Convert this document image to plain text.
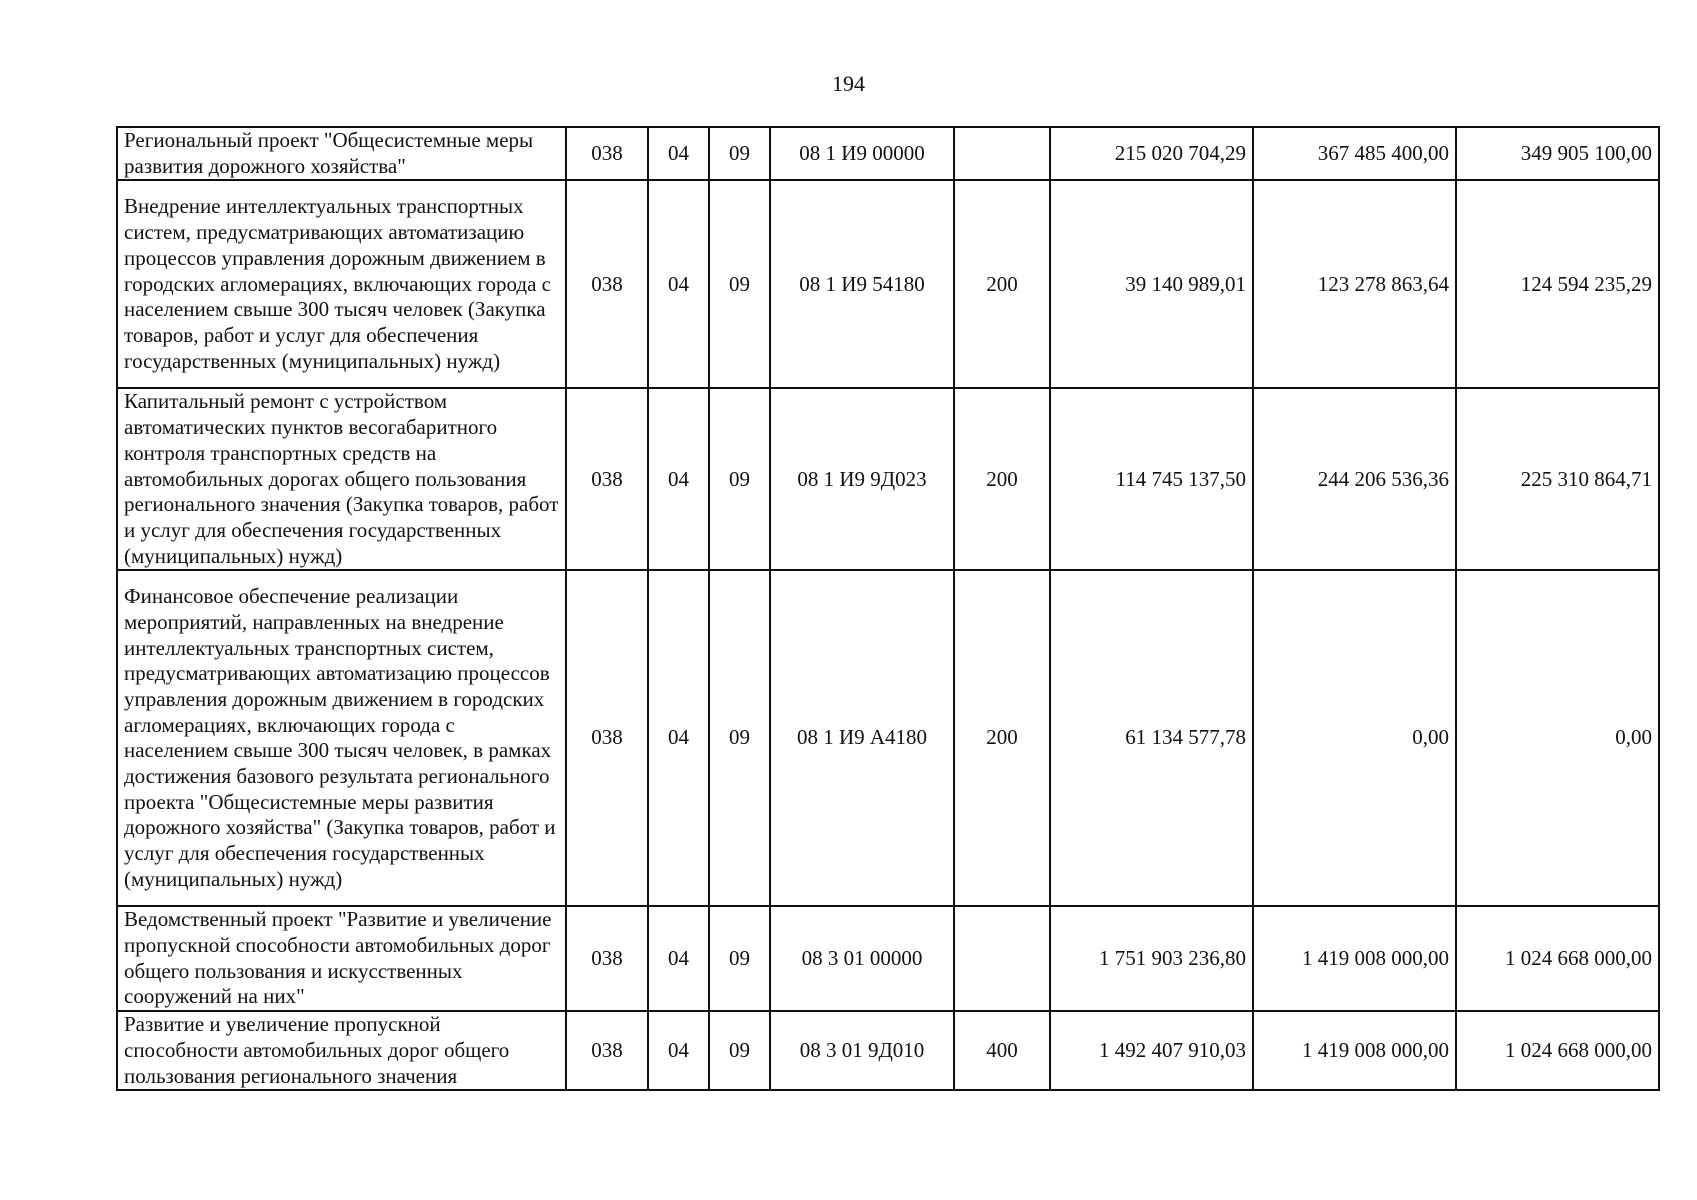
194
Региональный проект "Общесистемные меры развития дорожного хозяйства"	038	04	09	08 1 И9 00000		215 020 704,29	367 485 400,00	349 905 100,00
Внедрение интеллектуальных транспортных систем, предусматривающих автоматизацию процессов управления дорожным движением в городских агломерациях, включающих города с населением свыше 300 тысяч человек (Закупка товаров, работ и услуг для обеспечения государственных (муниципальных) нужд)	038	04	09	08 1 И9 54180	200	39 140 989,01	123 278 863,64	124 594 235,29
Капитальный ремонт с устройством автоматических пунктов весогабаритного контроля транспортных средств на автомобильных дорогах общего пользования регионального значения (Закупка товаров, работ и услуг для обеспечения государственных (муниципальных) нужд)	038	04	09	08 1 И9 9Д023	200	114 745 137,50	244 206 536,36	225 310 864,71
Финансовое обеспечение реализации мероприятий, направленных на внедрение интеллектуальных транспортных систем, предусматривающих автоматизацию процессов управления дорожным движением в городских агломерациях, включающих города с населением свыше 300 тысяч человек, в рамках достижения базового результата регионального проекта "Общесистемные меры развития дорожного хозяйства" (Закупка товаров, работ и услуг для обеспечения государственных (муниципальных) нужд)	038	04	09	08 1 И9 А4180	200	61 134 577,78	0,00	0,00
Ведомственный проект "Развитие и увеличение пропускной способности автомобильных дорог общего пользования и искусственных сооружений на них"	038	04	09	08 3 01 00000		1 751 903 236,80	1 419 008 000,00	1 024 668 000,00
Развитие и увеличение пропускной способности автомобильных дорог общего пользования регионального значения	038	04	09	08 3 01 9Д010	400	1 492 407 910,03	1 419 008 000,00	1 024 668 000,00
